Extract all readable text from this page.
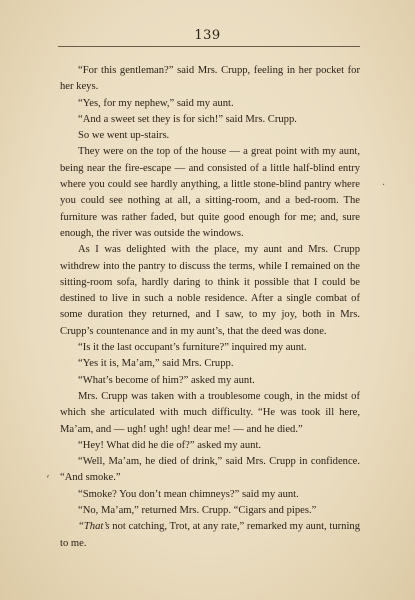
139

“For this gentleman?” said Mrs. Crupp, feeling in her pocket for her keys.

“Yes, for my nephew,” said my aunt.

“And a sweet set they is for sich!” said Mrs. Crupp.

So we went up-stairs.

They were on the top of the house — a great point with my aunt, being near the fire-escape — and consisted of a little half-blind entry where you could see hardly anything, a little stone-blind pantry where you could see nothing at all, a sitting-room, and a bed-room. The furniture was rather faded, but quite good enough for me; and, sure enough, the river was outside the windows.

As I was delighted with the place, my aunt and Mrs. Crupp withdrew into the pantry to discuss the terms, while I remained on the sitting-room sofa, hardly daring to think it possible that I could be destined to live in such a noble residence. After a single combat of some duration they returned, and I saw, to my joy, both in Mrs. Crupp’s countenance and in my aunt’s, that the deed was done.

“Is it the last occupant’s furniture?” inquired my aunt.

“Yes it is, Ma’am,” said Mrs. Crupp.

“What’s become of him?” asked my aunt.

Mrs. Crupp was taken with a troublesome cough, in the midst of which she articulated with much difficulty. “He was took ill here, Ma’am, and — ugh! ugh! ugh! dear me! — and he died.”

“Hey! What did he die of?” asked my aunt.

“Well, Ma’am, he died of drink,” said Mrs. Crupp in confidence. “And smoke.”

“Smoke? You don’t mean chimneys?” said my aunt.

“No, Ma’am,” returned Mrs. Crupp. “Cigars and pipes.”

“That’s not catching, Trot, at any rate,” remarked my aunt, turning to me.

·
‘
